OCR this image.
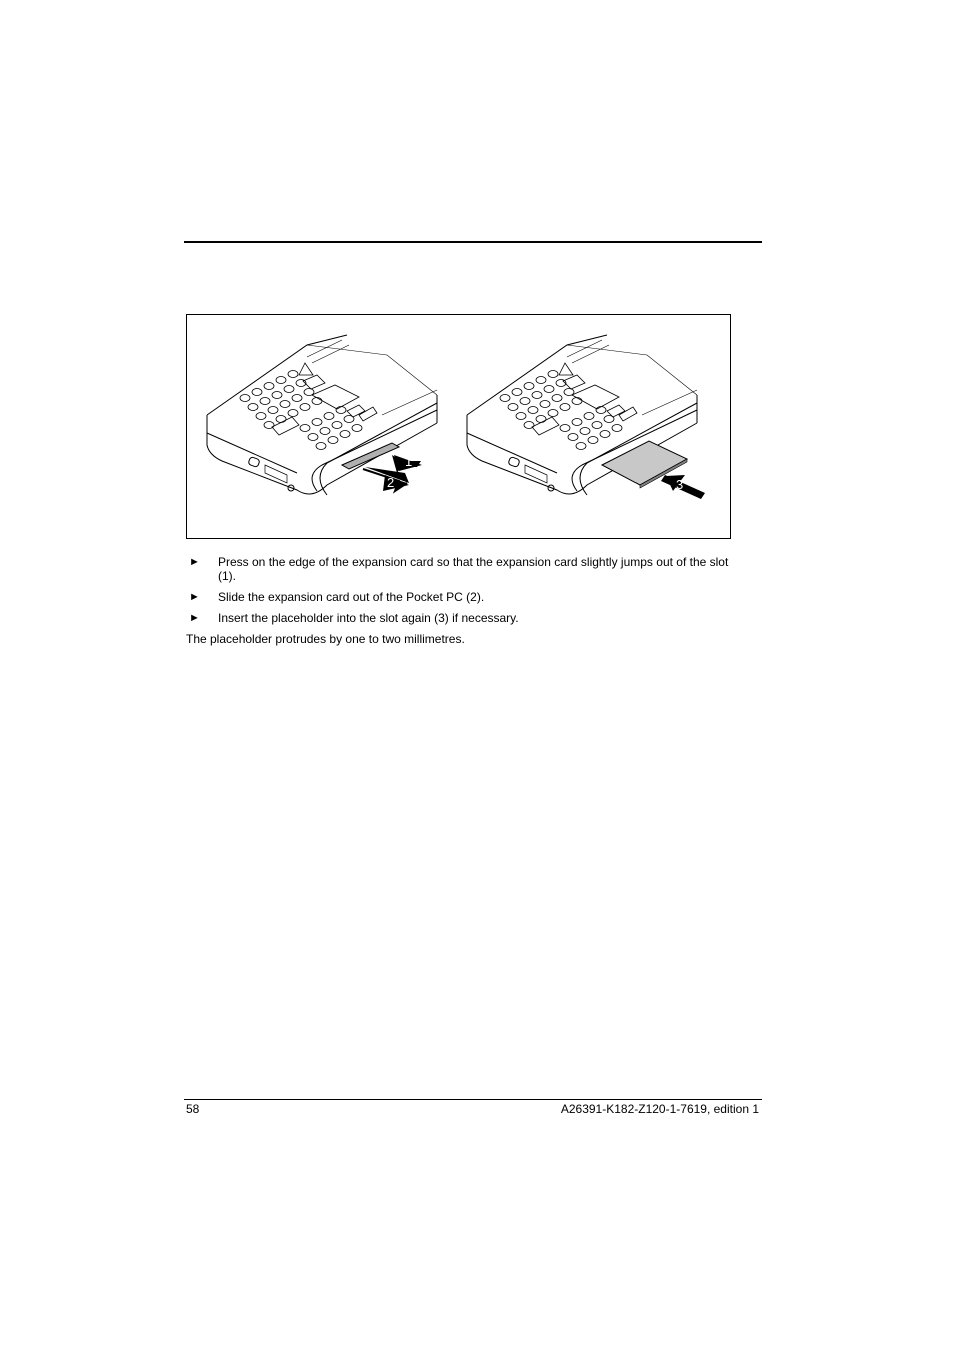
1
2	3
► Press on the edge of the expansion card so that the expansion card slightly jumps out of the slot (1).
► Slide the expansion card out of the Pocket PC (2).
► Insert the placeholder into the slot again (3) if necessary.
The placeholder protrudes by one to two millimetres.
58	A26391-K182-Z120-1-7619, edition 1
